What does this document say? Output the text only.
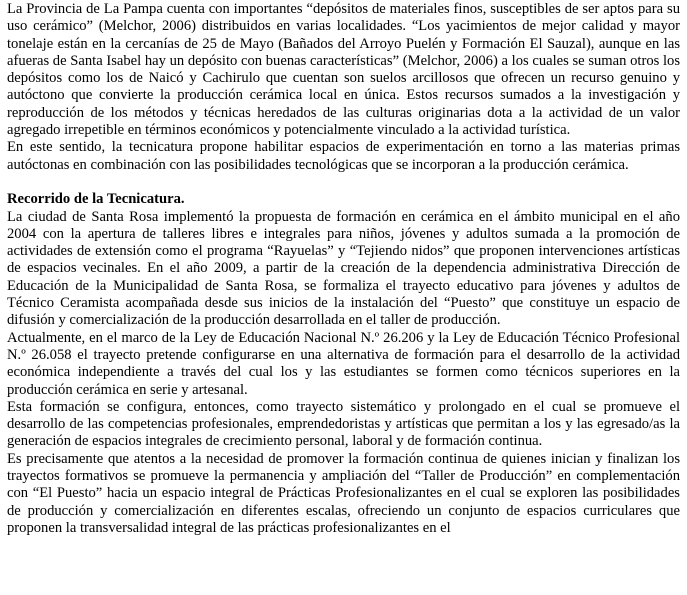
La Provincia de La Pampa cuenta con importantes “depósitos de materiales finos, susceptibles de ser aptos para su uso cerámico” (Melchor, 2006) distribuidos en varias localidades. “Los yacimientos de mejor calidad y mayor tonelaje están en la cercanías de 25 de Mayo (Bañados del Arroyo Puelén y Formación El Sauzal), aunque en las afueras de Santa Isabel hay un depósito con buenas características” (Melchor, 2006) a los cuales se suman otros los depósitos como los de Naicó y Cachirulo que cuentan son suelos arcillosos que ofrecen un recurso genuino y autóctono que convierte la producción cerámica local en única. Estos recursos sumados a la investigación y reproducción de los métodos y técnicas heredados de las culturas originarias dota a la actividad de un valor agregado irrepetible en términos económicos y potencialmente vinculado a la actividad turística.

En este sentido, la tecnicatura propone habilitar espacios de experimentación en torno a las materias primas autóctonas en combinación con las posibilidades tecnológicas que se incorporan a la producción cerámica.

Recorrido de la Tecnicatura.

La ciudad de Santa Rosa implementó la propuesta de formación en cerámica en el ámbito municipal en el año 2004 con la apertura de talleres libres e integrales para niños, jóvenes y adultos sumada a la promoción de actividades de extensión como el programa “Rayuelas” y “Tejiendo nidos” que proponen intervenciones artísticas de espacios vecinales. En el año 2009, a partir de la creación de la dependencia administrativa Dirección de Educación de la Municipalidad de Santa Rosa, se formaliza el trayecto educativo para jóvenes y adultos de Técnico Ceramista acompañada desde sus inicios de la instalación del “Puesto” que constituye un espacio de difusión y comercialización de la producción desarrollada en el taller de producción.

Actualmente, en el marco de la Ley de Educación Nacional N.º 26.206 y la Ley de Educación Técnico Profesional N.º 26.058 el trayecto pretende configurarse en una alternativa de formación para el desarrollo de la actividad económica independiente a través del cual los y las estudiantes se formen como técnicos superiores en la producción cerámica en serie y artesanal.

Esta formación se configura, entonces, como trayecto sistemático y prolongado en el cual se promueve el desarrollo de las competencias profesionales, emprendedoristas y artísticas que permitan a los y las egresado/as la generación de espacios integrales de crecimiento personal, laboral y de formación continua.

Es precisamente que atentos a la necesidad de promover la formación continua de quienes inician y finalizan los trayectos formativos se promueve la permanencia y ampliación del “Taller de Producción” en complementación con “El Puesto” hacia un espacio integral de Prácticas Profesionalizantes en el cual se exploren las posibilidades de producción y comercialización en diferentes escalas, ofreciendo un conjunto de espacios curriculares que proponen la transversalidad integral de las prácticas profesionalizantes en el
